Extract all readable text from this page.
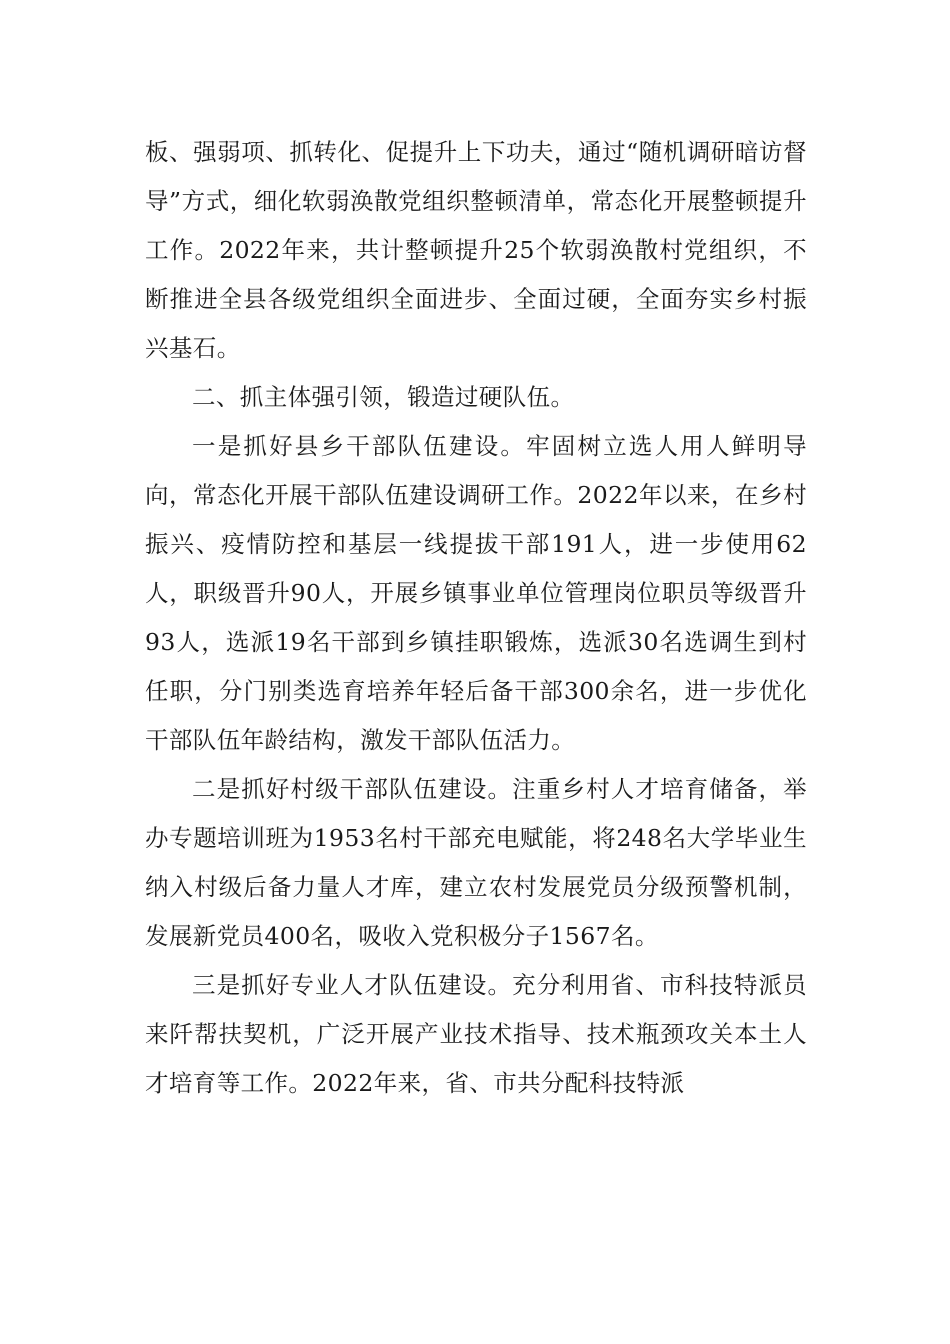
板、强弱项、抓转化、促提升上下功夫，通过“随机调研暗访督导”方式，细化软弱涣散党组织整顿清单，常态化开展整顿提升工作。2022年来，共计整顿提升25个软弱涣散村党组织，不断推进全县各级党组织全面进步、全面过硬，全面夯实乡村振兴基石。

二、抓主体强引领，锻造过硬队伍。

一是抓好县乡干部队伍建设。牢固树立选人用人鲜明导向，常态化开展干部队伍建设调研工作。2022年以来，在乡村振兴、疫情防控和基层一线提拔干部191人，进一步使用62人，职级晋升90人，开展乡镇事业单位管理岗位职员等级晋升93人，选派19名干部到乡镇挂职锻炼，选派30名选调生到村任职，分门别类选育培养年轻后备干部300余名，进一步优化干部队伍年龄结构，激发干部队伍活力。

二是抓好村级干部队伍建设。注重乡村人才培育储备，举办专题培训班为1953名村干部充电赋能，将248名大学毕业生纳入村级后备力量人才库，建立农村发展党员分级预警机制，发展新党员400名，吸收入党积极分子1567名。

三是抓好专业人才队伍建设。充分利用省、市科技特派员来阡帮扶契机，广泛开展产业技术指导、技术瓶颈攻关本土人才培育等工作。2022年来，省、市共分配科技特派
